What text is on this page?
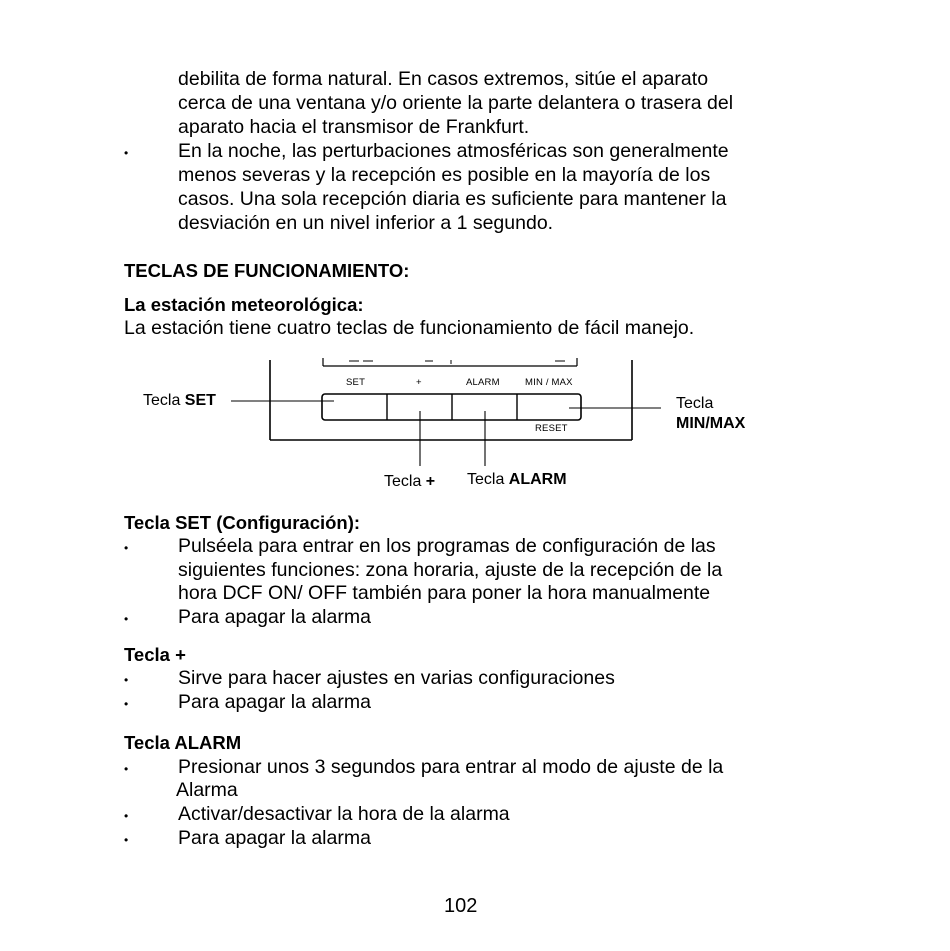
debilita de forma natural. En casos extremos, sitúe el aparato
cerca de una ventana y/o oriente la parte delantera o trasera del
aparato hacia el transmisor de Frankfurt.
•	En la noche, las perturbaciones atmosféricas son generalmente
menos severas y la recepción es posible en la mayoría de los
casos. Una sola recepción diaria es suficiente para mantener la
desviación en un nivel inferior a 1 segundo.
TECLAS DE FUNCIONAMIENTO:
La estación meteorológica:
La estación tiene cuatro teclas de funcionamiento de fácil manejo.
SET	+	ALARM	MIN / MAX
RESET
Tecla SET	Tecla
MIN/MAX
Tecla + Tecla ALARM
Tecla SET (Configuración):
•	Pulséela para entrar en los programas de configuración de las
siguientes funciones: zona horaria, ajuste de la recepción de la
hora DCF ON/ OFF también para poner la hora manualmente
•	Para apagar la alarma
Tecla +
•	Sirve para hacer ajustes en varias configuraciones
•	Para apagar la alarma
Tecla ALARM
•	Presionar unos 3 segundos para entrar al modo de ajuste de la
Alarma
•	Activar/desactivar la hora de la alarma
•	Para apagar la alarma
102
